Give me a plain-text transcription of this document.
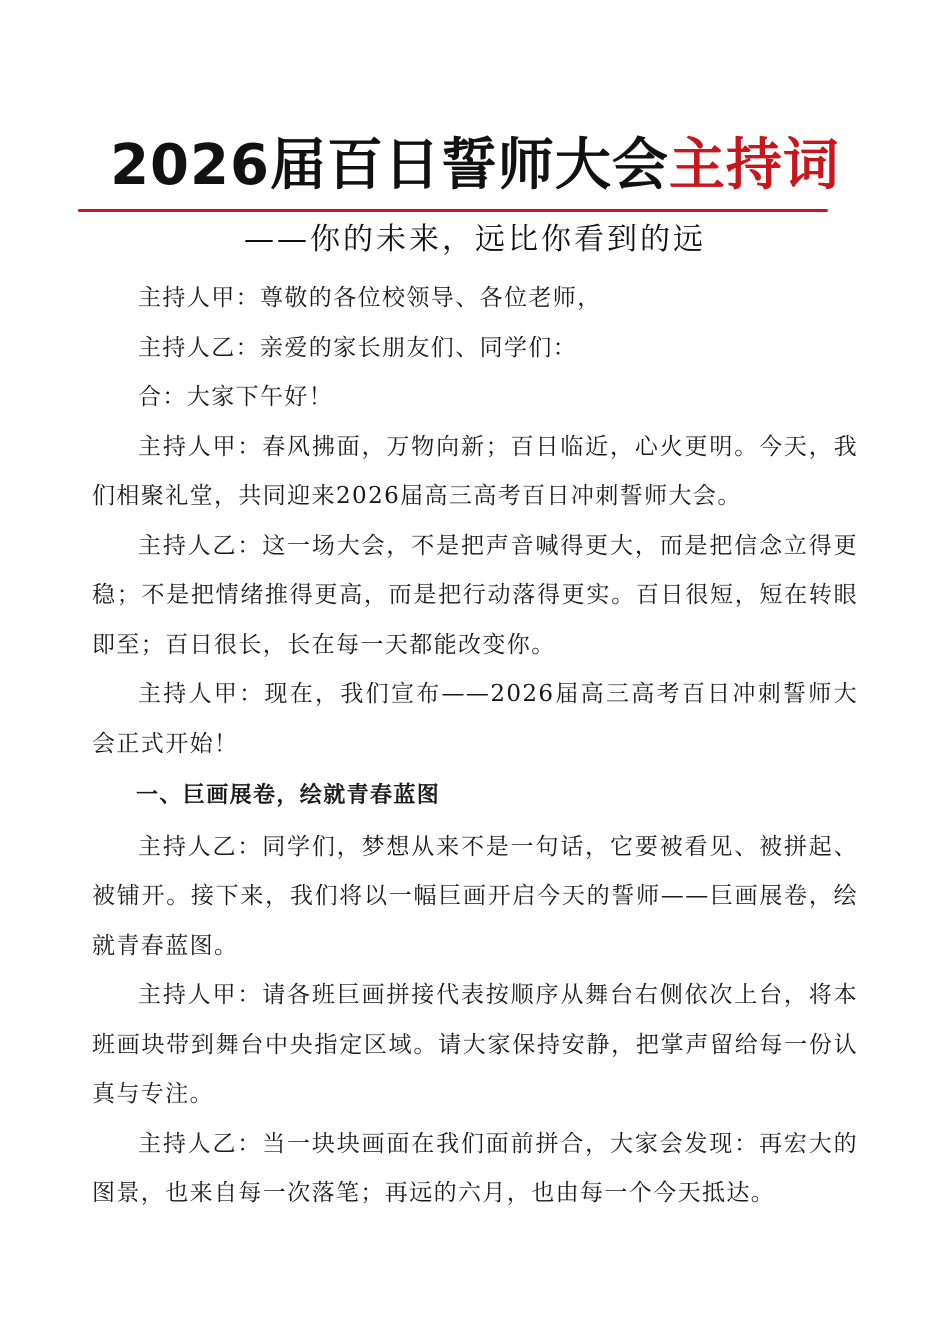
2026届百日誓师大会主持词
——你的未来，远比你看到的远

主持人甲：尊敬的各位校领导、各位老师，

主持人乙：亲爱的家长朋友们、同学们：

合：大家下午好！

主持人甲：春风拂面，万物向新；百日临近，心火更明。今天，我们相聚礼堂，共同迎来2026届高三高考百日冲刺誓师大会。

主持人乙：这一场大会，不是把声音喊得更大，而是把信念立得更稳；不是把情绪推得更高，而是把行动落得更实。百日很短，短在转眼即至；百日很长，长在每一天都能改变你。

主持人甲：现在，我们宣布——2026届高三高考百日冲刺誓师大会正式开始！

一、巨画展卷，绘就青春蓝图

主持人乙：同学们，梦想从来不是一句话，它要被看见、被拼起、被铺开。接下来，我们将以一幅巨画开启今天的誓师——巨画展卷，绘就青春蓝图。

主持人甲：请各班巨画拼接代表按顺序从舞台右侧依次上台，将本班画块带到舞台中央指定区域。请大家保持安静，把掌声留给每一份认真与专注。

主持人乙：当一块块画面在我们面前拼合，大家会发现：再宏大的图景，也来自每一次落笔；再远的六月，也由每一个今天抵达。
